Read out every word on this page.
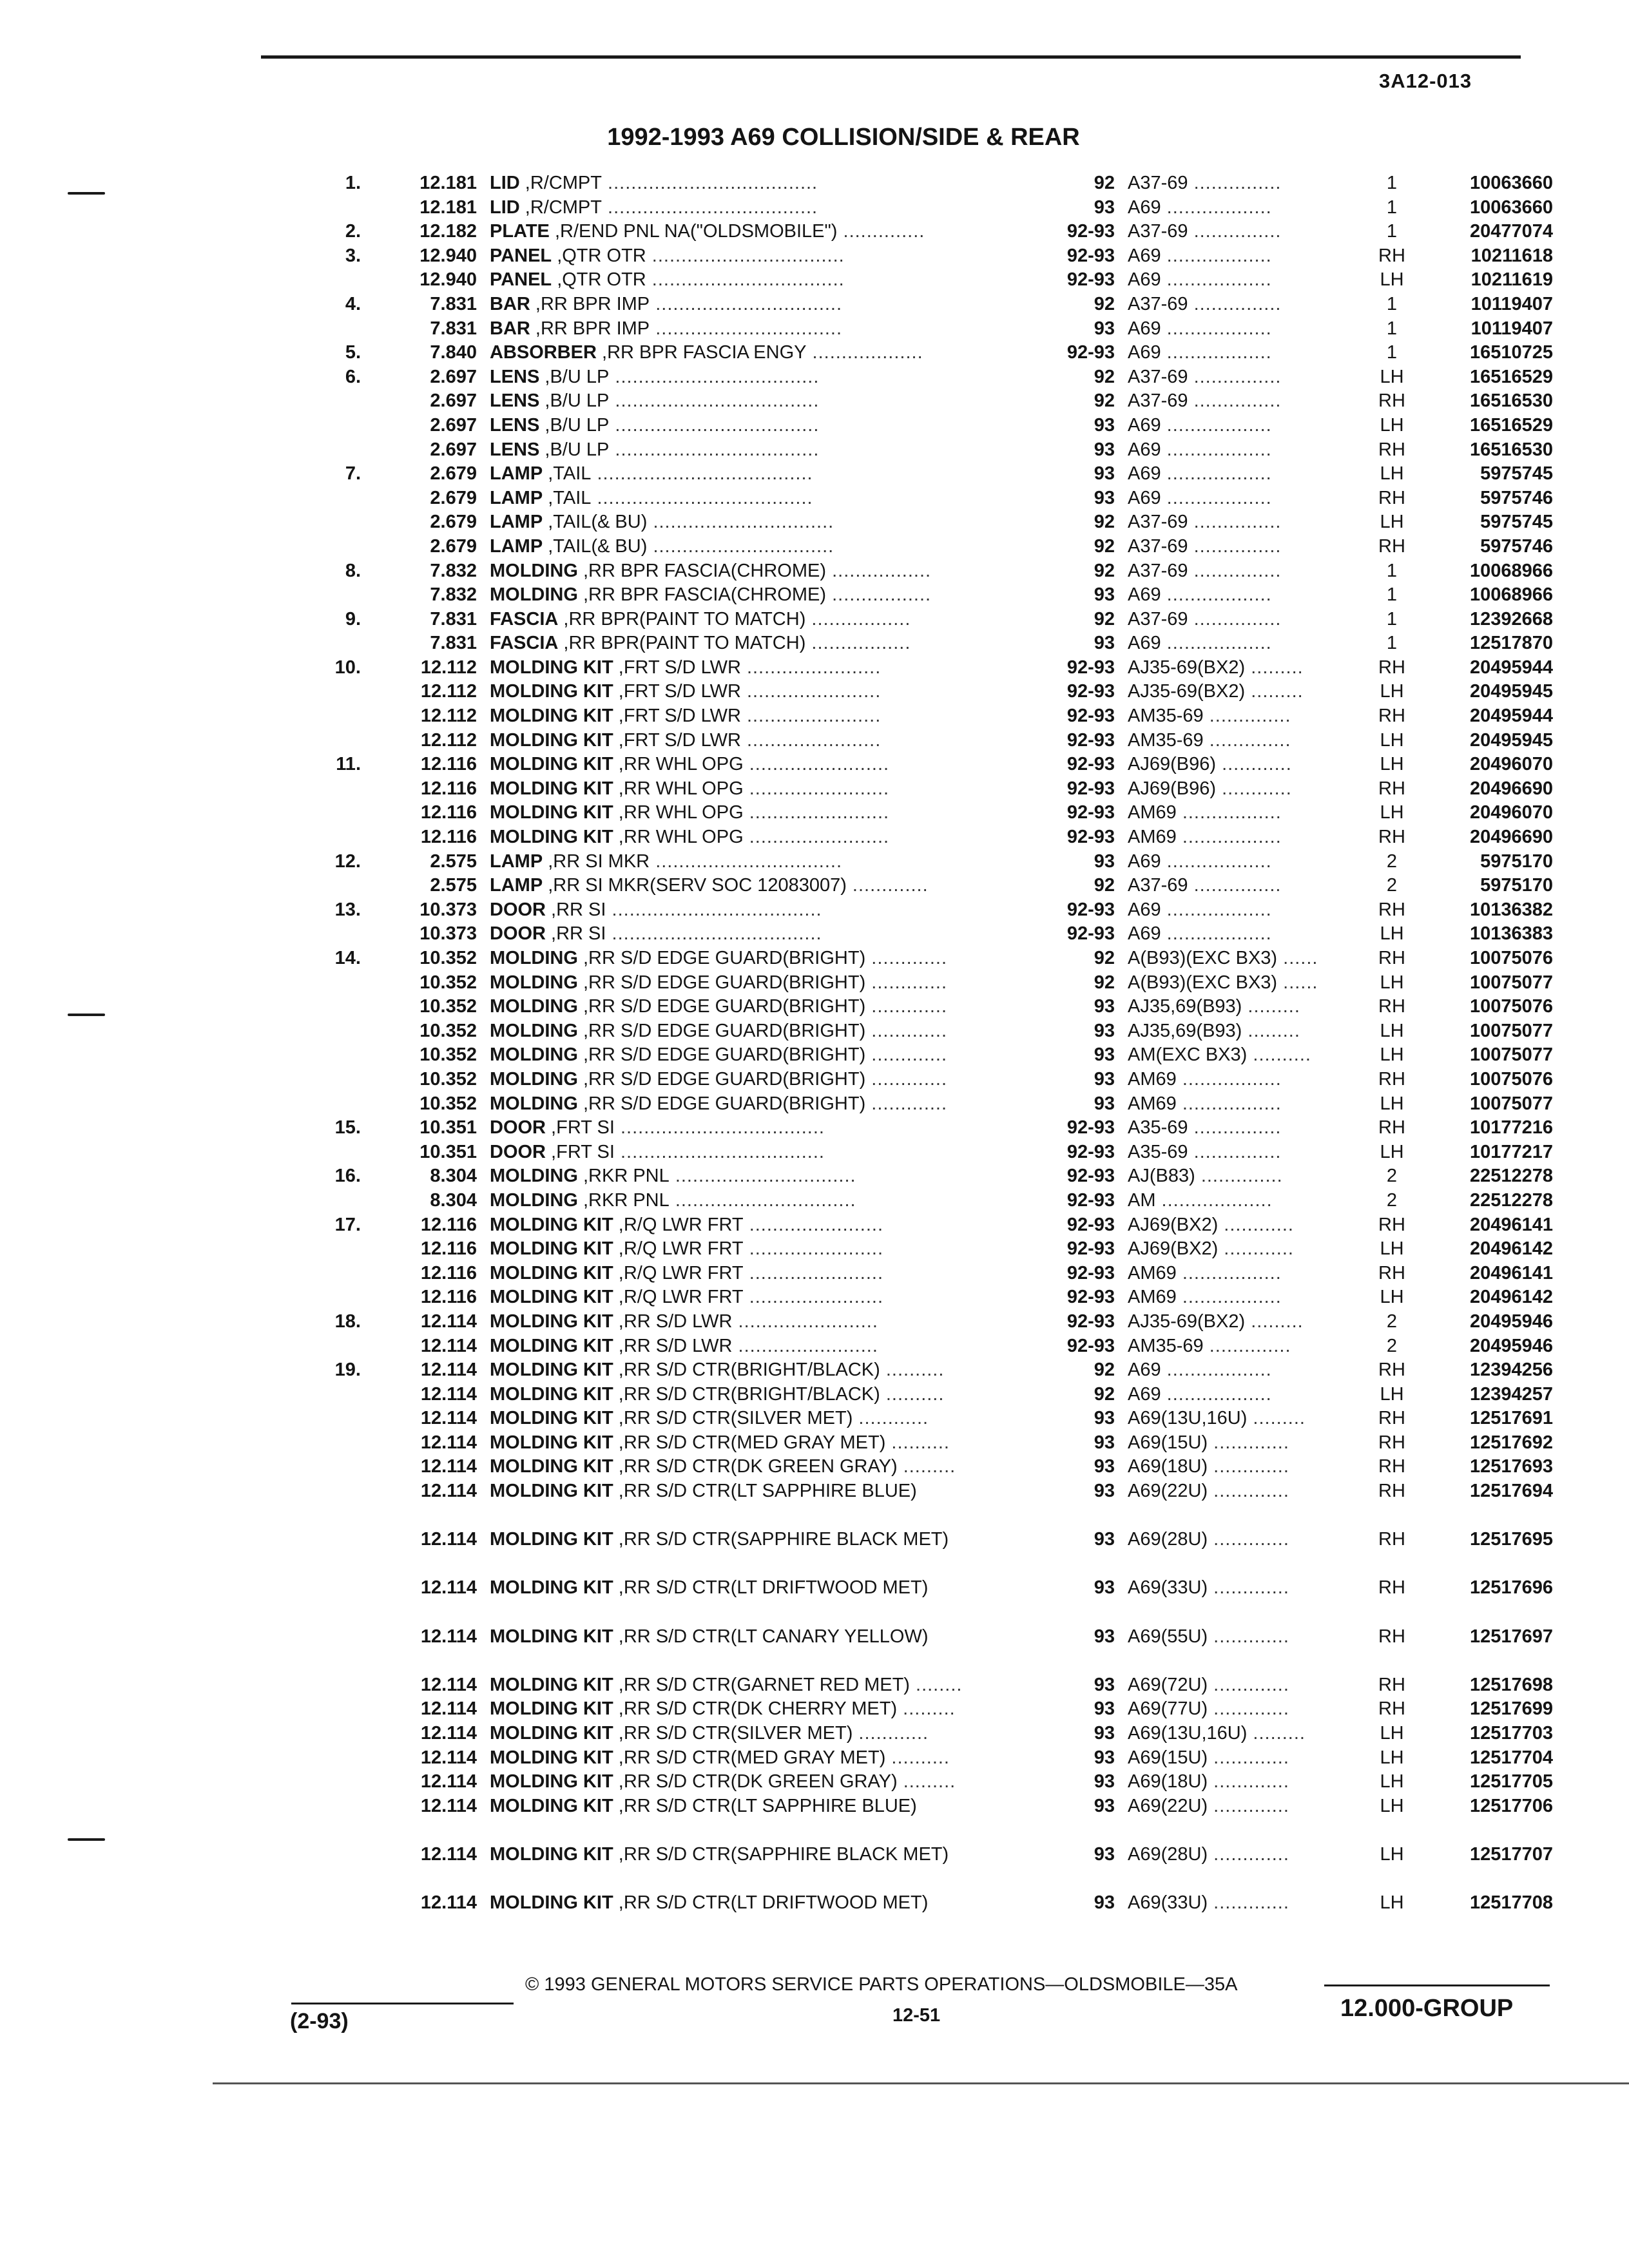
3A12-013
1992-1993 A69 COLLISION/SIDE & REAR
1.	12.181 LID ,R/CMPT ....................................	92 A37-69 ...............	1	10063660
12.181 LID ,R/CMPT ....................................	93 A69 ..................	1	10063660
2.	12.182 PLATE ,R/END PNL NA("OLDSMOBILE") ..............	92-93 A37-69 ...............	1	20477074
3.	12.940 PANEL ,QTR OTR .................................	92-93 A69 ..................	RH	10211618
12.940 PANEL ,QTR OTR .................................	92-93 A69 ..................	LH	10211619
4.	7.831 BAR ,RR BPR IMP ................................	92 A37-69 ...............	1	10119407
7.831 BAR ,RR BPR IMP ................................	93 A69 ..................	1	10119407
5.	7.840 ABSORBER ,RR BPR FASCIA ENGY ...................	92-93 A69 ..................	1	16510725
6.	2.697 LENS ,B/U LP ...................................	92 A37-69 ...............	LH	16516529
2.697 LENS ,B/U LP ...................................	92 A37-69 ...............	RH	16516530
2.697 LENS ,B/U LP ...................................	93 A69 ..................	LH	16516529
2.697 LENS ,B/U LP ...................................	93 A69 ..................	RH	16516530
7.	2.679 LAMP ,TAIL .....................................	93 A69 ..................	LH	5975745
2.679 LAMP ,TAIL .....................................	93 A69 ..................	RH	5975746
2.679 LAMP ,TAIL(& BU) ...............................	92 A37-69 ...............	LH	5975745
2.679 LAMP ,TAIL(& BU) ...............................	92 A37-69 ...............	RH	5975746
8.	7.832 MOLDING ,RR BPR FASCIA(CHROME) .................	92 A37-69 ...............	1	10068966
7.832 MOLDING ,RR BPR FASCIA(CHROME) .................	93 A69 ..................	1	10068966
9.	7.831 FASCIA ,RR BPR(PAINT TO MATCH) .................	92 A37-69 ...............	1	12392668
7.831 FASCIA ,RR BPR(PAINT TO MATCH) .................	93 A69 ..................	1	12517870
10.	12.112 MOLDING KIT ,FRT S/D LWR .......................	92-93 AJ35-69(BX2) .........	RH	20495944
12.112 MOLDING KIT ,FRT S/D LWR .......................	92-93 AJ35-69(BX2) .........	LH	20495945
12.112 MOLDING KIT ,FRT S/D LWR .......................	92-93 AM35-69 ..............	RH	20495944
12.112 MOLDING KIT ,FRT S/D LWR .......................	92-93 AM35-69 ..............	LH	20495945
11.	12.116 MOLDING KIT ,RR WHL OPG ........................	92-93 AJ69(B96) ............	LH	20496070
12.116 MOLDING KIT ,RR WHL OPG ........................	92-93 AJ69(B96) ............	RH	20496690
12.116 MOLDING KIT ,RR WHL OPG ........................	92-93 AM69 .................	LH	20496070
12.116 MOLDING KIT ,RR WHL OPG ........................	92-93 AM69 .................	RH	20496690
12.	2.575 LAMP ,RR SI MKR ................................	93 A69 ..................	2	5975170
2.575 LAMP ,RR SI MKR(SERV SOC 12083007) .............	92 A37-69 ...............	2	5975170
13.	10.373 DOOR ,RR SI ....................................	92-93 A69 ..................	RH	10136382
10.373 DOOR ,RR SI ....................................	92-93 A69 ..................	LH	10136383
14.	10.352 MOLDING ,RR S/D EDGE GUARD(BRIGHT) .............	92 A(B93)(EXC BX3) ......	RH	10075076
10.352 MOLDING ,RR S/D EDGE GUARD(BRIGHT) .............	92 A(B93)(EXC BX3) ......	LH	10075077
10.352 MOLDING ,RR S/D EDGE GUARD(BRIGHT) .............	93 AJ35,69(B93) .........	RH	10075076
10.352 MOLDING ,RR S/D EDGE GUARD(BRIGHT) .............	93 AJ35,69(B93) .........	LH	10075077
10.352 MOLDING ,RR S/D EDGE GUARD(BRIGHT) .............	93 AM(EXC BX3) ..........	LH	10075077
10.352 MOLDING ,RR S/D EDGE GUARD(BRIGHT) .............	93 AM69 .................	RH	10075076
10.352 MOLDING ,RR S/D EDGE GUARD(BRIGHT) .............	93 AM69 .................	LH	10075077
15.	10.351 DOOR ,FRT SI ...................................	92-93 A35-69 ...............	RH	10177216
10.351 DOOR ,FRT SI ...................................	92-93 A35-69 ...............	LH	10177217
16.	8.304 MOLDING ,RKR PNL ...............................	92-93 AJ(B83) ..............	2	22512278
8.304 MOLDING ,RKR PNL ...............................	92-93 AM ...................	2	22512278
17.	12.116 MOLDING KIT ,R/Q LWR FRT .......................	92-93 AJ69(BX2) ............	RH	20496141
12.116 MOLDING KIT ,R/Q LWR FRT .......................	92-93 AJ69(BX2) ............	LH	20496142
12.116 MOLDING KIT ,R/Q LWR FRT .......................	92-93 AM69 .................	RH	20496141
12.116 MOLDING KIT ,R/Q LWR FRT .......................	92-93 AM69 .................	LH	20496142
18.	12.114 MOLDING KIT ,RR S/D LWR ........................	92-93 AJ35-69(BX2) .........	2	20495946
12.114 MOLDING KIT ,RR S/D LWR ........................	92-93 AM35-69 ..............	2	20495946
19.	12.114 MOLDING KIT ,RR S/D CTR(BRIGHT/BLACK) ..........	92 A69 ..................	RH	12394256
12.114 MOLDING KIT ,RR S/D CTR(BRIGHT/BLACK) ..........	92 A69 ..................	LH	12394257
12.114 MOLDING KIT ,RR S/D CTR(SILVER MET) ............	93 A69(13U,16U) .........	RH	12517691
12.114 MOLDING KIT ,RR S/D CTR(MED GRAY MET) ..........	93 A69(15U) .............	RH	12517692
12.114 MOLDING KIT ,RR S/D CTR(DK GREEN GRAY) .........	93 A69(18U) .............	RH	12517693
12.114 MOLDING KIT ,RR S/D CTR(LT SAPPHIRE BLUE)	93 A69(22U) .............	RH	12517694
12.114 MOLDING KIT ,RR S/D CTR(SAPPHIRE BLACK MET)	93 A69(28U) .............	RH	12517695
12.114 MOLDING KIT ,RR S/D CTR(LT DRIFTWOOD MET)	93 A69(33U) .............	RH	12517696
12.114 MOLDING KIT ,RR S/D CTR(LT CANARY YELLOW)	93 A69(55U) .............	RH	12517697
12.114 MOLDING KIT ,RR S/D CTR(GARNET RED MET) ........	93 A69(72U) .............	RH	12517698
12.114 MOLDING KIT ,RR S/D CTR(DK CHERRY MET) .........	93 A69(77U) .............	RH	12517699
12.114 MOLDING KIT ,RR S/D CTR(SILVER MET) ............	93 A69(13U,16U) .........	LH	12517703
12.114 MOLDING KIT ,RR S/D CTR(MED GRAY MET) ..........	93 A69(15U) .............	LH	12517704
12.114 MOLDING KIT ,RR S/D CTR(DK GREEN GRAY) .........	93 A69(18U) .............	LH	12517705
12.114 MOLDING KIT ,RR S/D CTR(LT SAPPHIRE BLUE)	93 A69(22U) .............	LH	12517706
12.114 MOLDING KIT ,RR S/D CTR(SAPPHIRE BLACK MET)	93 A69(28U) .............	LH	12517707
12.114 MOLDING KIT ,RR S/D CTR(LT DRIFTWOOD MET)	93 A69(33U) .............	LH	12517708
(2-93)
© 1993 GENERAL MOTORS SERVICE PARTS OPERATIONS—OLDSMOBILE—35A
12-51	12.000-GROUP
